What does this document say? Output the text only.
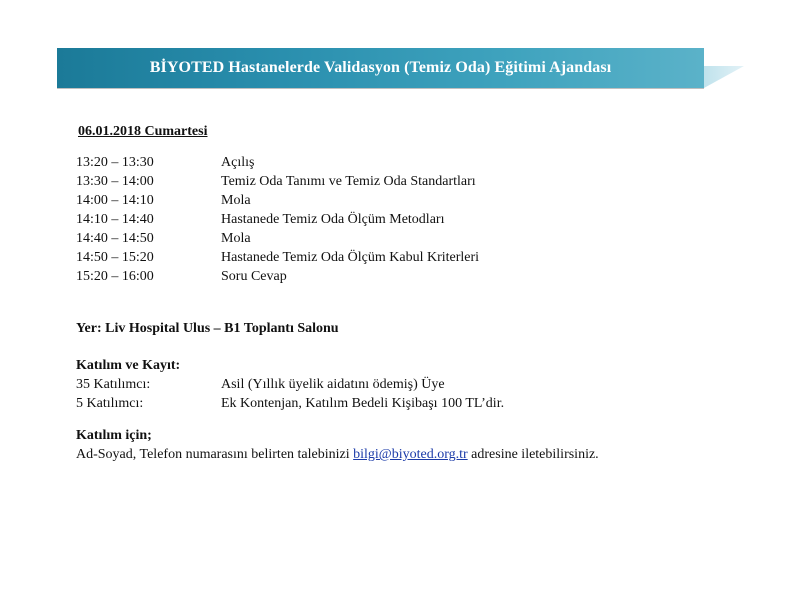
BİYOTED Hastanelerde Validasyon (Temiz Oda) Eğitimi Ajandası
06.01.2018 Cumartesi
13:20 – 13:30	Açılış
13:30 – 14:00	Temiz Oda Tanımı ve Temiz Oda Standartları
14:00 – 14:10	Mola
14:10 – 14:40	Hastanede Temiz Oda Ölçüm Metodları
14:40 – 14:50	Mola
14:50 – 15:20	Hastanede Temiz Oda Ölçüm Kabul Kriterleri
15:20 – 16:00	Soru Cevap
Yer: Liv Hospital Ulus – B1 Toplantı Salonu
Katılım ve Kayıt:
35 Katılımcı:	Asil (Yıllık üyelik aidatını ödemiş) Üye
5 Katılımcı:	Ek Kontenjan, Katılım Bedeli Kişibaşı 100 TL’dir.
Katılım için;
Ad-Soyad, Telefon numarasını belirten talebinizi bilgi@biyoted.org.tr adresine iletebilirsiniz.
